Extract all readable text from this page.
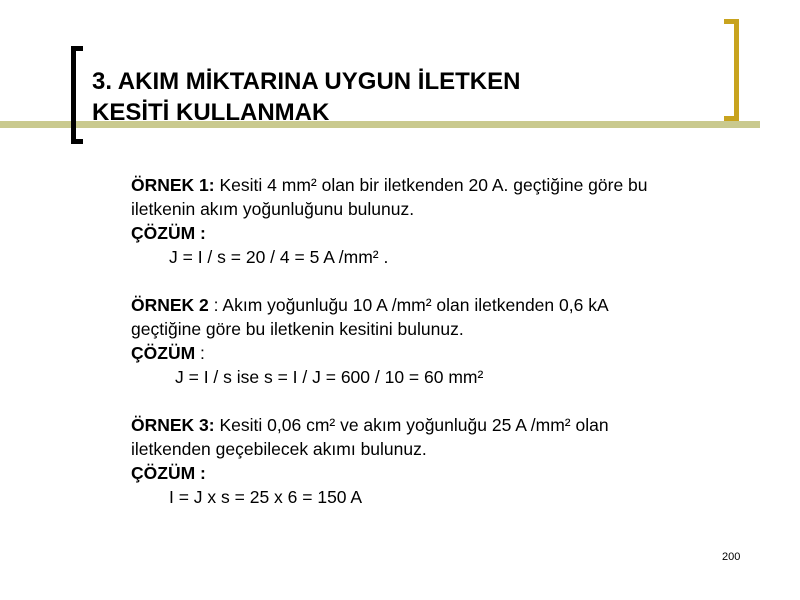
3. AKIM MİKTARINA UYGUN İLETKEN
KESİTİ KULLANMAK

ÖRNEK 1: Kesiti 4 mm² olan bir iletkenden 20 A. geçtiğine göre bu

iletkenin akım yoğunluğunu bulunuz.

ÇÖZÜM :

J = I / s = 20 / 4 = 5 A /mm² .

ÖRNEK 2 : Akım yoğunluğu 10 A /mm² olan iletkenden 0,6 kA

geçtiğine göre bu iletkenin kesitini bulunuz.

ÇÖZÜM :

J = I / s ise s = I / J = 600 / 10 = 60 mm²

ÖRNEK 3: Kesiti 0,06 cm² ve akım yoğunluğu 25 A /mm² olan

iletkenden geçebilecek akımı bulunuz.

ÇÖZÜM :

I = J x s = 25 x 6 = 150 A

200
